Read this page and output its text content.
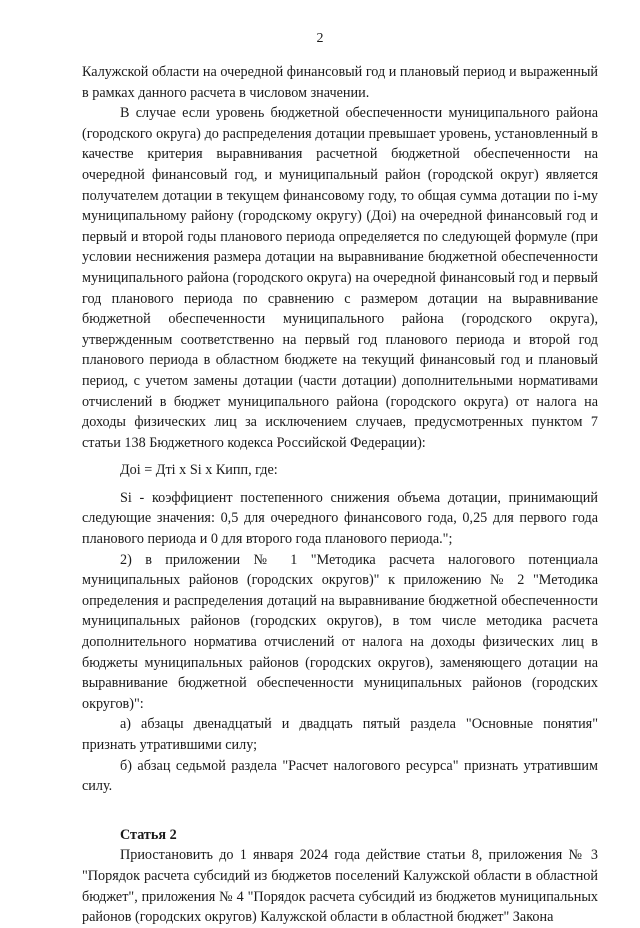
2

Калужской области на очередной финансовый год и плановый период и выраженный в рамках данного расчета в числовом значении.

В случае если уровень бюджетной обеспеченности муниципального района (городского округа) до распределения дотации превышает уровень, установленный в качестве критерия выравнивания расчетной бюджетной обеспеченности на очередной финансовый год, и муниципальный район (городской округ) является получателем дотации в текущем финансовому году, то общая сумма дотации по i-му муниципальному району (городскому округу) (Доi) на очередной финансовый год и первый и второй годы планового периода определяется по следующей формуле (при условии неснижения размера дотации на выравнивание бюджетной обеспеченности муниципального района (городского округа) на очередной финансовый год и первый год планового периода по сравнению с размером дотации на выравнивание бюджетной обеспеченности муниципального района (городского округа), утвержденным соответственно на первый год планового периода и второй год планового периода в областном бюджете на текущий финансовый год и плановый период, с учетом замены дотации (части дотации) дополнительными нормативами отчислений в бюджет муниципального района (городского округа) от налога на доходы физических лиц за исключением случаев, предусмотренных пунктом 7 статьи 138 Бюджетного кодекса Российской Федерации):

Доi = Дтi x Si x Кипп, где:

Si - коэффициент постепенного снижения объема дотации, принимающий следующие значения: 0,5 для очередного финансового года, 0,25 для первого года планового периода и 0 для второго года планового периода.";

2) в приложении № 1 "Методика расчета налогового потенциала муниципальных районов (городских округов)" к приложению № 2 "Методика определения и распределения дотаций на выравнивание бюджетной обеспеченности муниципальных районов (городских округов), в том числе методика расчета дополнительного норматива отчислений от налога на доходы физических лиц в бюджеты муниципальных районов (городских округов), заменяющего дотации на выравнивание бюджетной обеспеченности муниципальных районов (городских округов)":

а) абзацы двенадцатый и двадцать пятый раздела "Основные понятия" признать утратившими силу;

б) абзац седьмой раздела "Расчет налогового ресурса" признать утратившим силу.

Статья 2

Приостановить до 1 января 2024 года действие статьи 8, приложения № 3 "Порядок расчета субсидий из бюджетов поселений Калужской области в областной бюджет", приложения № 4 "Порядок расчета субсидий из бюджетов муниципальных районов (городских округов) Калужской области в областной бюджет" Закона
